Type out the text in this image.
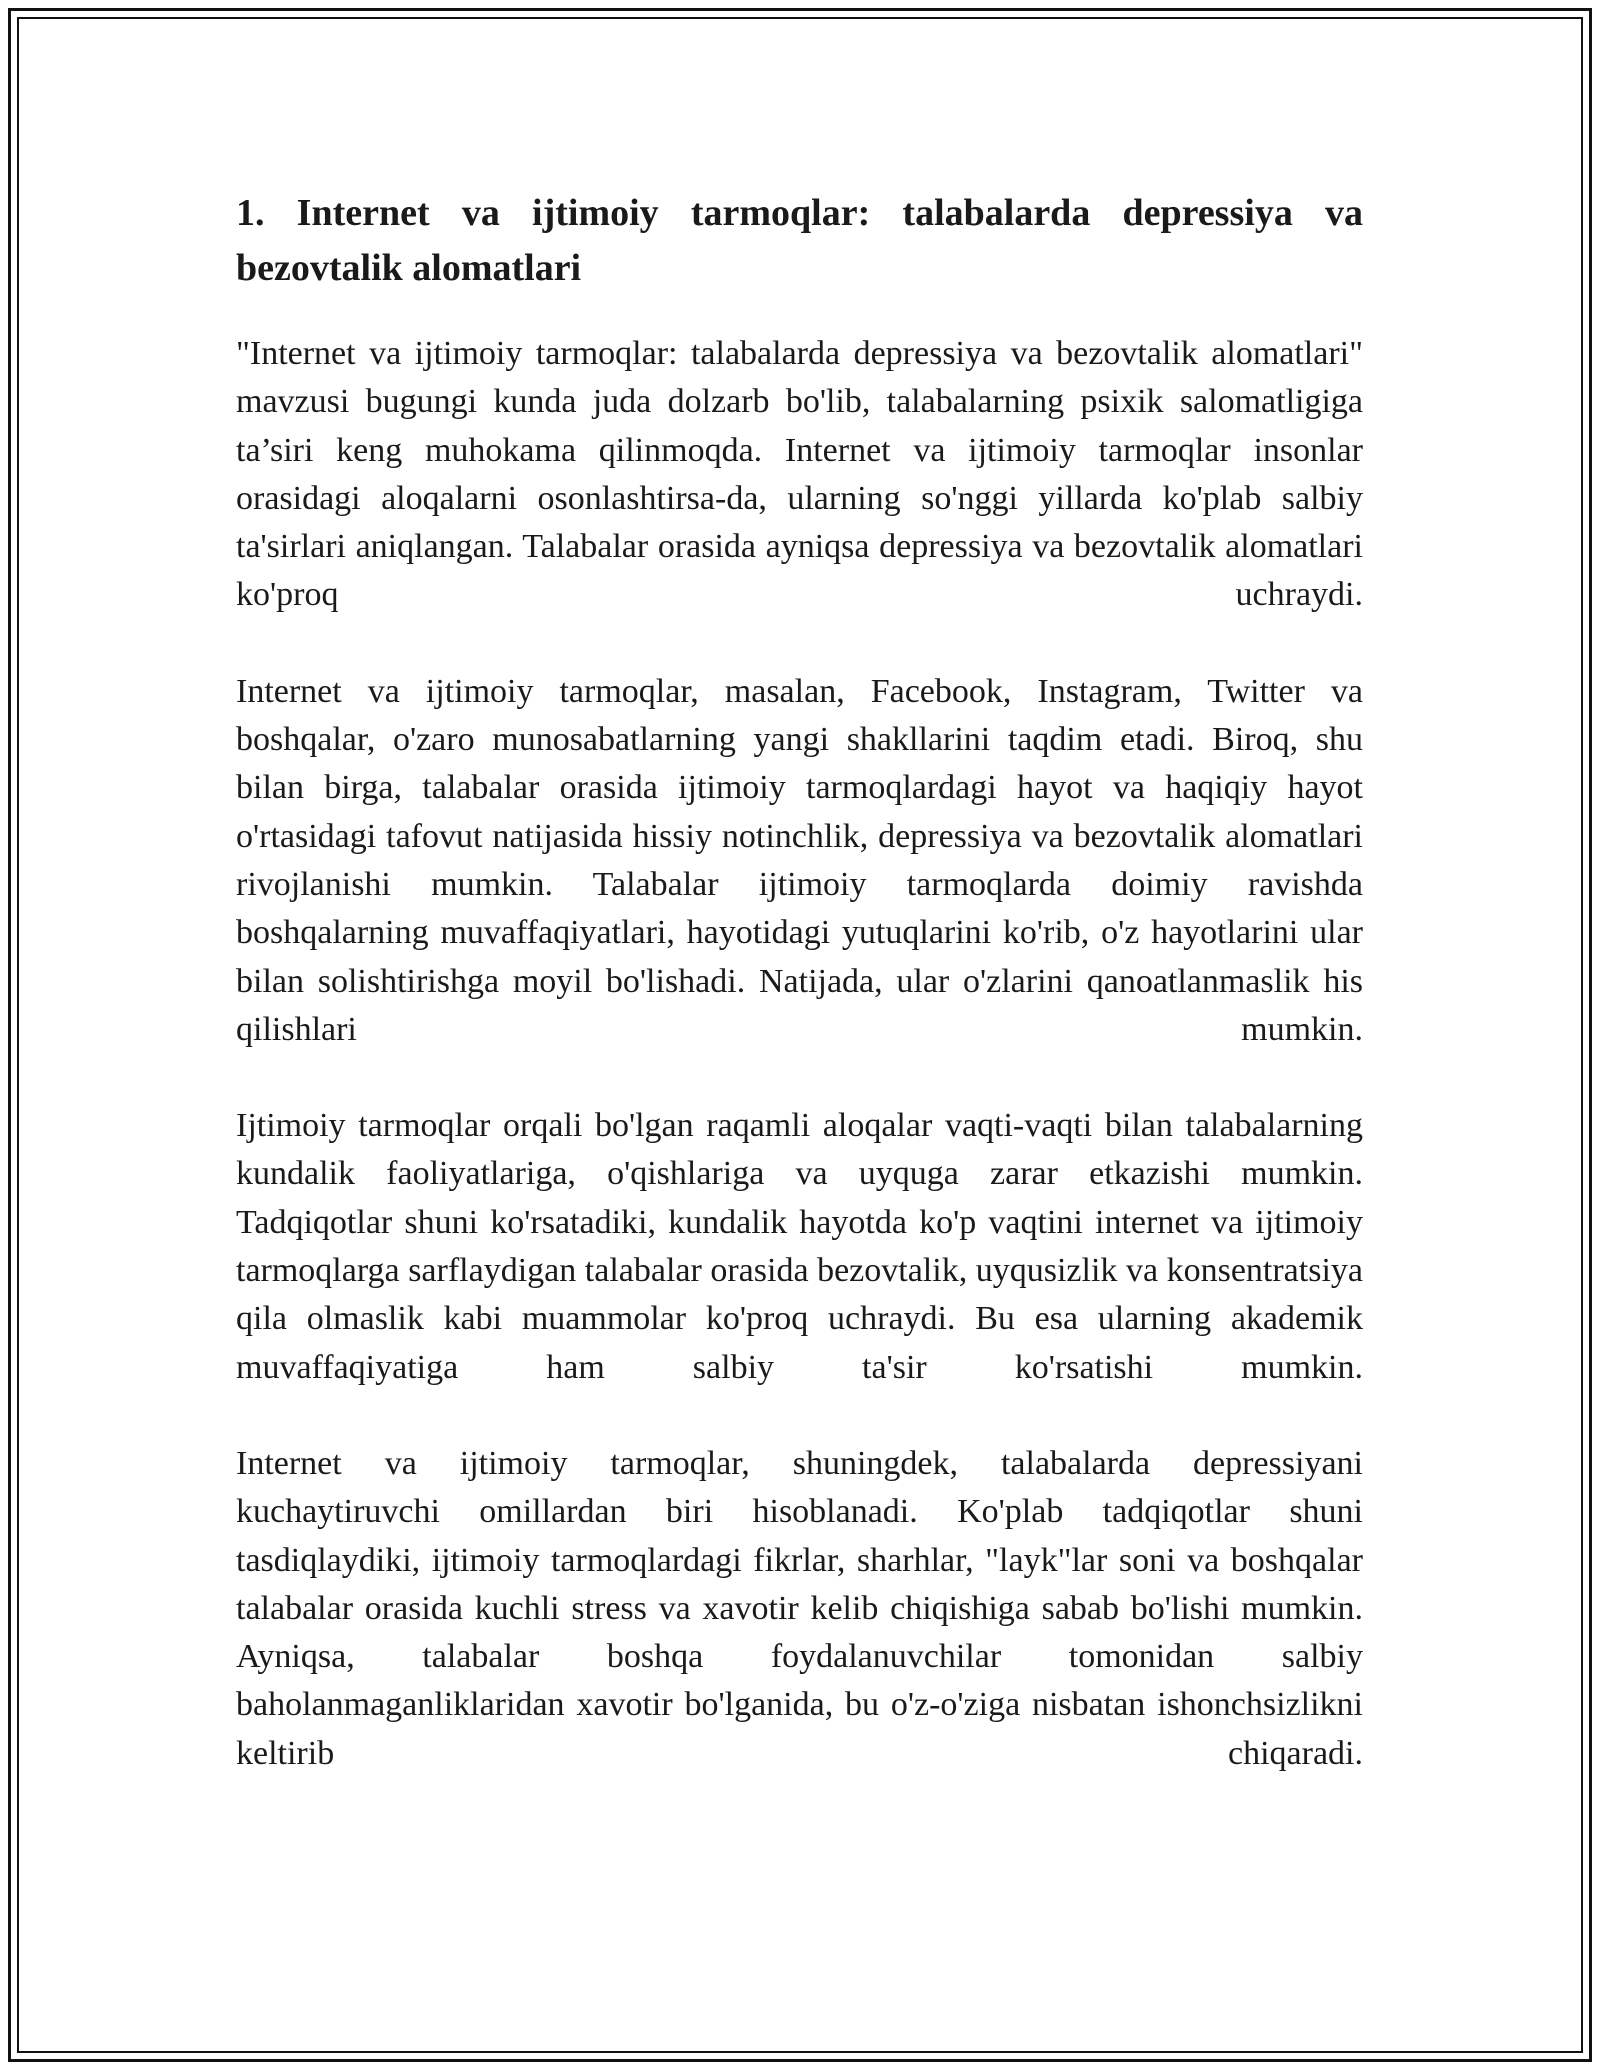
1. Internet va ijtimoiy tarmoqlar: talabalarda depressiya va bezovtalik alomatlari

"Internet va ijtimoiy tarmoqlar: talabalarda depressiya va bezovtalik alomatlari" mavzusi bugungi kunda juda dolzarb bo'lib, talabalarning psixik salomatligiga ta’siri keng muhokama qilinmoqda. Internet va ijtimoiy tarmoqlar insonlar orasidagi aloqalarni osonlashtirsa-da, ularning so'nggi yillarda ko'plab salbiy ta'sirlari aniqlangan. Talabalar orasida ayniqsa depressiya va bezovtalik alomatlari ko'proq uchraydi.

Internet va ijtimoiy tarmoqlar, masalan, Facebook, Instagram, Twitter va boshqalar, o'zaro munosabatlarning yangi shakllarini taqdim etadi. Biroq, shu bilan birga, talabalar orasida ijtimoiy tarmoqlardagi hayot va haqiqiy hayot o'rtasidagi tafovut natijasida hissiy notinchlik, depressiya va bezovtalik alomatlari rivojlanishi mumkin. Talabalar ijtimoiy tarmoqlarda doimiy ravishda boshqalarning muvaffaqiyatlari, hayotidagi yutuqlarini ko'rib, o'z hayotlarini ular bilan solishtirishga moyil bo'lishadi. Natijada, ular o'zlarini qanoatlanmaslik his qilishlari mumkin.

Ijtimoiy tarmoqlar orqali bo'lgan raqamli aloqalar vaqti-vaqti bilan talabalarning kundalik faoliyatlariga, o'qishlariga va uyquga zarar etkazishi mumkin. Tadqiqotlar shuni ko'rsatadiki, kundalik hayotda ko'p vaqtini internet va ijtimoiy tarmoqlarga sarflaydigan talabalar orasida bezovtalik, uyqusizlik va konsentratsiya qila olmaslik kabi muammolar ko'proq uchraydi. Bu esa ularning akademik muvaffaqiyatiga ham salbiy ta'sir ko'rsatishi mumkin.

Internet va ijtimoiy tarmoqlar, shuningdek, talabalarda depressiyani kuchaytiruvchi omillardan biri hisoblanadi. Ko'plab tadqiqotlar shuni tasdiqlaydiki, ijtimoiy tarmoqlardagi fikrlar, sharhlar, "layk"lar soni va boshqalar talabalar orasida kuchli stress va xavotir kelib chiqishiga sabab bo'lishi mumkin. Ayniqsa, talabalar boshqa foydalanuvchilar tomonidan salbiy baholanmaganliklaridan xavotir bo'lganida, bu o'z-o'ziga nisbatan ishonchsizlikni keltirib chiqaradi.
